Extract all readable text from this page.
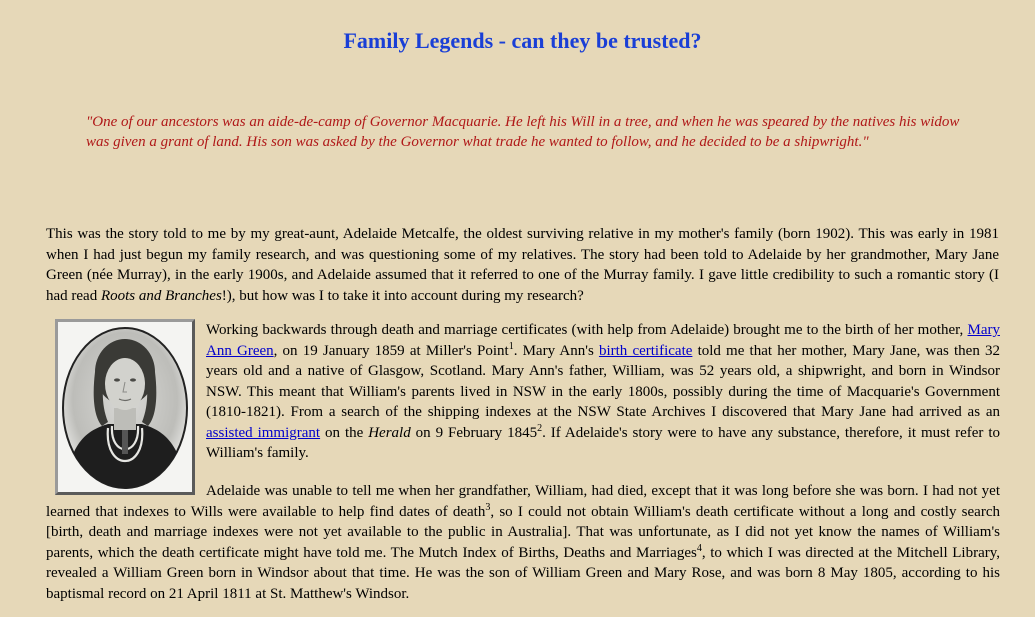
Family Legends - can they be trusted?

"One of our ancestors was an aide-de-camp of Governor Macquarie. He left his Will in a tree, and when he was speared by the natives his widow was given a grant of land. His son was asked by the Governor what trade he wanted to follow, and he decided to be a shipwright."

This was the story told to me by my great-aunt, Adelaide Metcalfe, the oldest surviving relative in my mother's family (born 1902). This was early in 1981 when I had just begun my family research, and was questioning some of my relatives. The story had been told to Adelaide by her grandmother, Mary Jane Green (née Murray), in the early 1900s, and Adelaide assumed that it referred to one of the Murray family. I gave little credibility to such a romantic story (I had read Roots and Branches!), but how was I to take it into account during my research?

Working backwards through death and marriage certificates (with help from Adelaide) brought me to the birth of her mother, Mary Ann Green, on 19 January 1859 at Miller's Point$^1$. Mary Ann's birth certificate told me that her mother, Mary Jane, was then 32 years old and a native of Glasgow, Scotland. Mary Ann's father, William, was 52 years old, a shipwright, and born in Windsor NSW. This meant that William's parents lived in NSW in the early 1800s, possibly during the time of Macquarie's Government (1810-1821). From a search of the shipping indexes at the NSW State Archives I discovered that Mary Jane had arrived as an assisted immigrant on the Herald on 9 February 1845$^2$. If Adelaide's story were to have any substance, therefore, it must refer to William's family.

Adelaide was unable to tell me when her grandfather, William, had died, except that it was long before she was born. I had not yet learned that indexes to Wills were available to help find dates of death$^3$, so I could not obtain William's death certificate without a long and costly search [birth, death and marriage indexes were not yet available to the public in Australia]. That was unfortunate, as I did not yet know the names of William's parents, which the death certificate might have told me. The Mutch Index of Births, Deaths and Marriages$^4$, to which I was directed at the Mitchell Library, revealed a William Green born in Windsor about that time. He was the son of William Green and Mary Rose, and was born 8 May 1805, according to his baptismal record on 21 April 1811 at St. Matthew's Windsor.
